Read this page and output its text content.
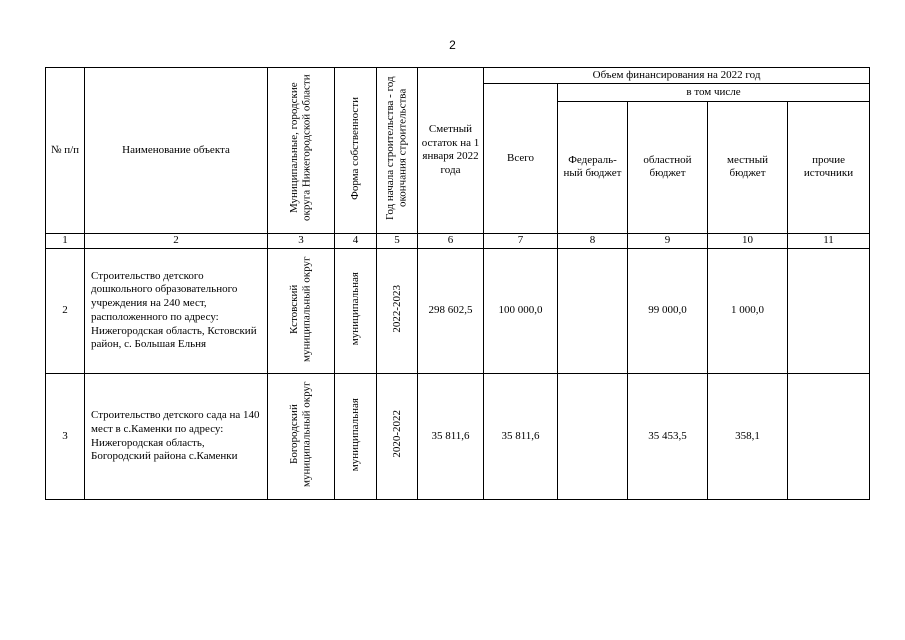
2
№ п/п	Наименование объекта	Муниципальные, городские округа Нижегородской области	Форма собственности	Год начала строительства - год окончания строительства	Сметный остаток на 1 января 2022 года	Объем финансирования на 2022 год				
						Всего	в том числе			
							Федераль-ный бюджет	областной бюджет	местный бюджет	прочие источники
1	2	3	4	5	6	7	8	9	10	11
2	Строительство детского дошкольного образовательного учреждения на 240 мест, расположенного по адресу: Нижегородская область, Кстовский район, с. Большая Ельня	Кстовский муниципальный округ	муниципальная	2022-2023	298 602,5	100 000,0		99 000,0	1 000,0	
3	Строительство детского сада на 140 мест в с.Каменки по адресу: Нижегородская область, Богородский района с.Каменки	Богородский муниципальный округ	муниципальная	2020-2022	35 811,6	35 811,6		35 453,5	358,1	
